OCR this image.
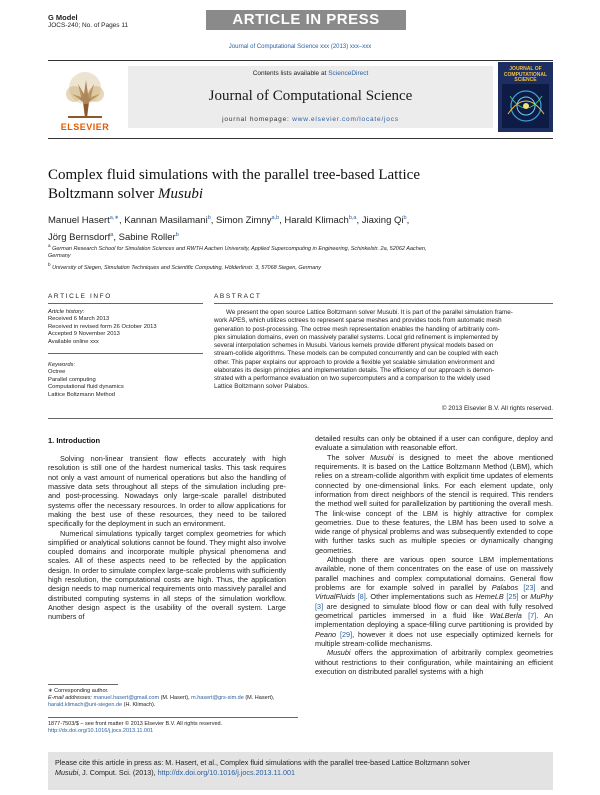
G Model
JOCS-240; No. of Pages 11	ARTICLE IN PRESS
Journal of Computational Science xxx (2013) xxx–xxx
Contents lists available at ScienceDirect
Journal of Computational Science
journal homepage: www.elsevier.com/locate/jocs
ELSEVIER
JOURNAL OF COMPUTATIONAL SCIENCE
Complex fluid simulations with the parallel tree-based Lattice
Boltzmann solver Musubi
Manuel Hasert$^{a,∗}$, Kannan Masilamani$^b$, Simon Zimny$^{a,b}$, Harald Klimach$^{b,a}$, Jiaxing Qi$^b$,
Jörg Bernsdorf$^a$, Sabine Roller$^b$
$^a$ German Research School for Simulation Sciences and RWTH Aachen University, Applied Supercomputing in Engineering, Schinkelstr. 2a, 52062 Aachen,
Germany
$^b$ University of Siegen, Simulation Techniques and Scientific Computing, Hölderlinstr. 3, 57068 Siegen, Germany
ARTICLE INFO	ABSTRACT
Article history:
Received 6 March 2013
Received in revised form 26 October 2013
Accepted 9 November 2013
Available online xxx
Keywords:
Octree
Parallel computing
Computational fluid dynamics
Lattice Boltzmann Method
We present the open source Lattice Boltzmann solver Musubi. It is part of the parallel simulation frame-
work APES, which utilizes octrees to represent sparse meshes and provides tools from automatic mesh
generation to post-processing. The octree mesh representation enables the handling of arbitrarily com-
plex simulation domains, even on massively parallel systems. Local grid refinement is implemented by
several interpolation schemes in Musubi. Various kernels provide different physical models based on
stream-collide algorithms. These models can be computed concurrently and can be coupled with each
other. This paper explains our approach to provide a flexible yet scalable simulation environment and
elaborates its design principles and implementation details. The efficiency of our approach is demon-
strated with a performance evaluation on two supercomputers and a comparison to the widely used
Lattice Boltzmann solver Palabos.
© 2013 Elsevier B.V. All rights reserved.
1. Introduction

Solving non-linear transient flow effects accurately with high resolution is still one of the hardest numerical tasks. This task requires not only a vast amount of numerical operations but also the handling of massive data sets throughout all steps of the simulation including pre- and post-processing. Nowadays only large-scale parallel distributed systems offer the necessary resources. In order to allow applications for making the best use of these resources, they need to be tailored specifically for the deployment in such an environment.

Numerical simulations typically target complex geometries for which simplified or analytical solutions cannot be found. They might also involve coupled domains and incorporate multiple physical phenomena and scales. All of these aspects need to be reflected by the application design. In order to simulate complex large-scale problems with sufficiently high resolution, the computational costs are high. Thus, the application design needs to map numerical requirements onto massively parallel and distributed computing systems in all steps of the simulation workflow. Another design aspect is the usability of the overall system. Large numbers of

detailed results can only be obtained if a user can configure, deploy and evaluate a simulation with reasonable effort.

The solver Musubi is designed to meet the above mentioned requirements. It is based on the Lattice Boltzmann Method (LBM), which relies on a stream-collide algorithm with explicit time updates of elements connected by one-dimensional links. For each element update, only information from direct neighbors of the stencil is required. This renders the method well suited for parallelization by partitioning the overall mesh. The link-wise concept of the LBM is highly attractive for complex geometries. Due to these features, the LBM has been used to solve a wide range of physical problems and was subsequently extended to cope with further tasks such as multiple species or dynamically changing geometries.

Although there are various open source LBM implementations available, none of them concentrates on the ease of use on massively parallel machines and complex computational domains. General flow problems are for example solved in parallel by Palabos [23] and VirtualFluids [8]. Other implementations such as HemeLB [25] or MuPhy [3] are designed to simulate blood flow or can deal with fully resolved geometrical particles immersed in a fluid like WaLBerla [7]. An implementation deploying a space-filling curve partitioning is provided by Peano [29], however it does not use especially optimized kernels for multiple stream-collide mechanisms.

Musubi offers the approximation of arbitrarily complex geometries without restrictions to their configuration, while maintaining an efficient execution on distributed parallel systems with a high

∗ Corresponding author.
E-mail addresses: manuel.hasert@gmail.com (M. Hasert), m.hasert@grs-sim.de (M. Hasert),
harald.klimach@uni-siegen.de (H. Klimach).
1877-7503/$ – see front matter © 2013 Elsevier B.V. All rights reserved.
http://dx.doi.org/10.1016/j.jocs.2013.11.001
Please cite this article in press as: M. Hasert, et al., Complex fluid simulations with the parallel tree-based Lattice Boltzmann solver
Musubi, J. Comput. Sci. (2013), http://dx.doi.org/10.1016/j.jocs.2013.11.001
